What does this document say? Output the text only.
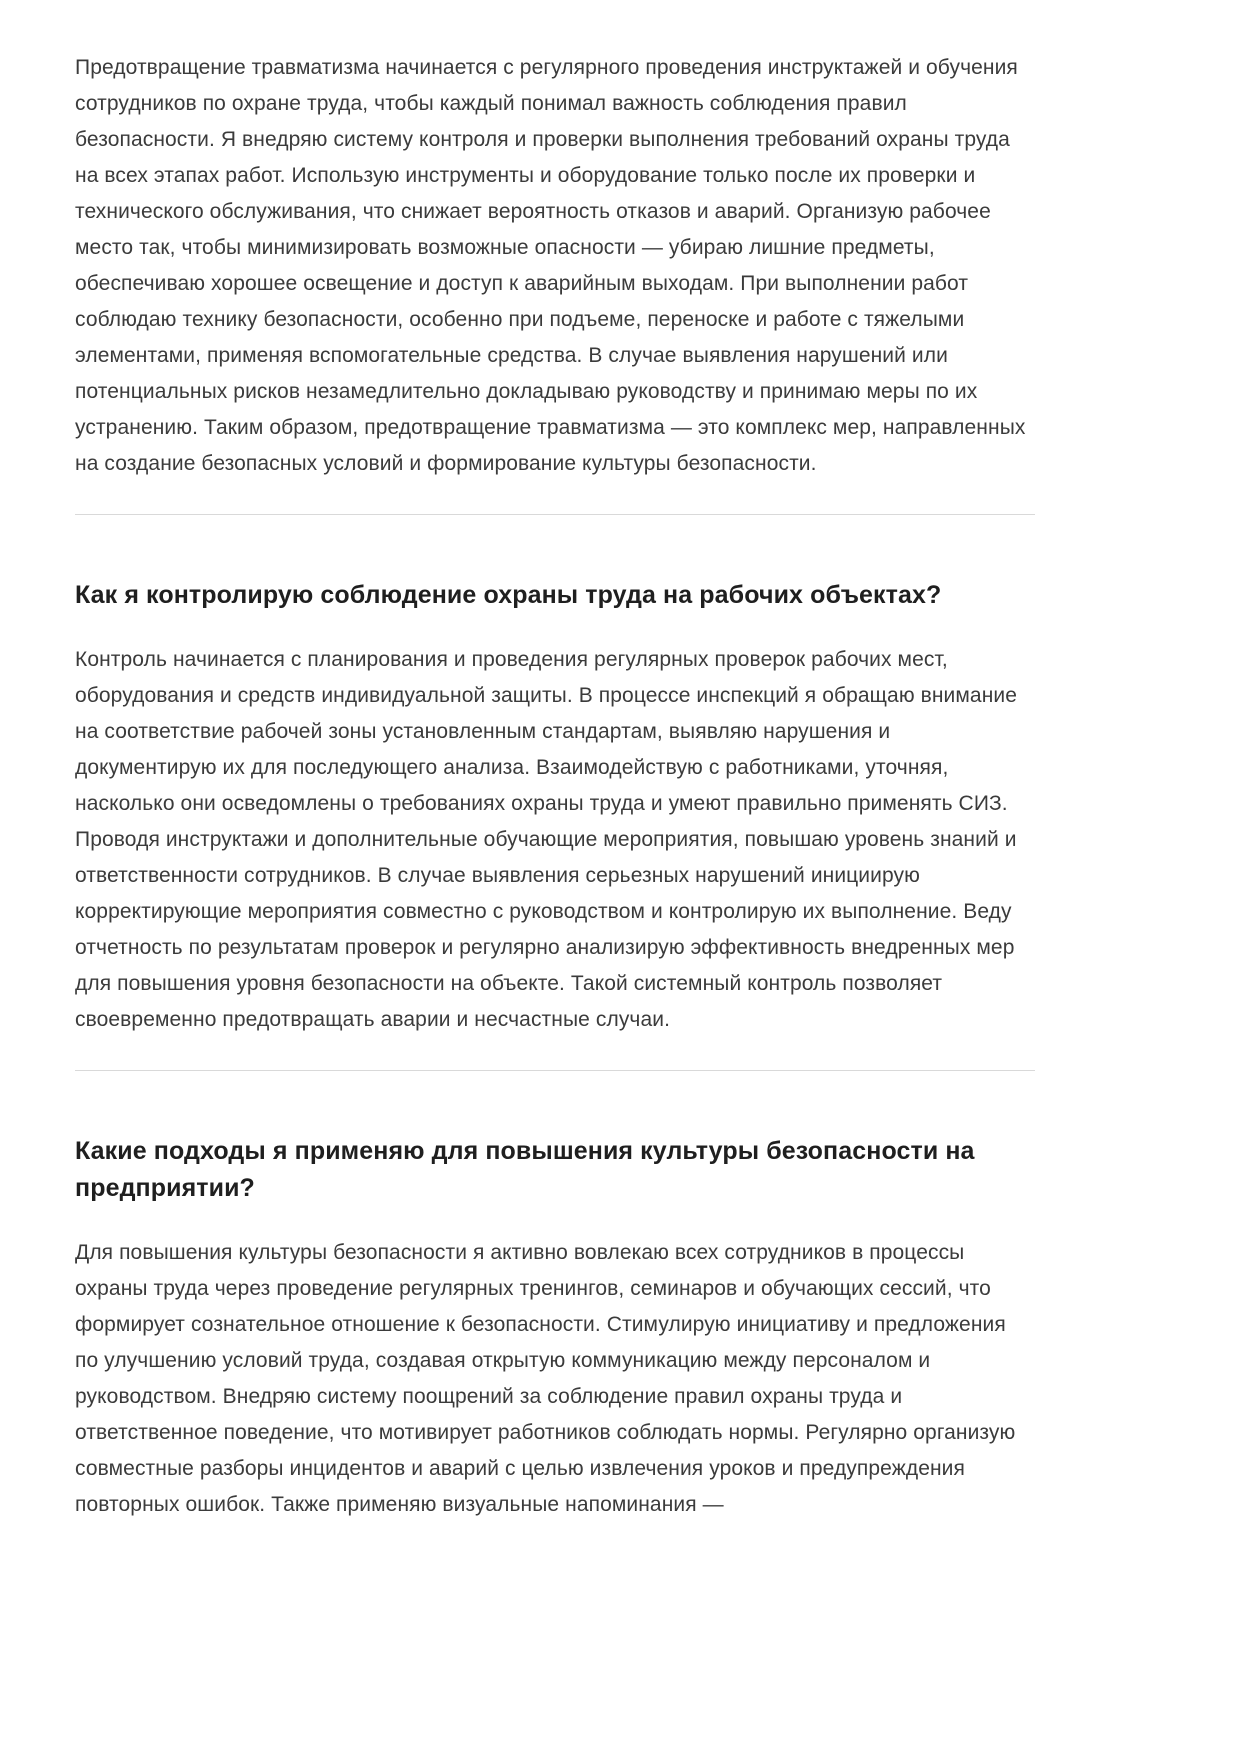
Предотвращение травматизма начинается с регулярного проведения инструктажей и обучения сотрудников по охране труда, чтобы каждый понимал важность соблюдения правил безопасности. Я внедряю систему контроля и проверки выполнения требований охраны труда на всех этапах работ. Использую инструменты и оборудование только после их проверки и технического обслуживания, что снижает вероятность отказов и аварий. Организую рабочее место так, чтобы минимизировать возможные опасности — убираю лишние предметы, обеспечиваю хорошее освещение и доступ к аварийным выходам. При выполнении работ соблюдаю технику безопасности, особенно при подъеме, переноске и работе с тяжелыми элементами, применяя вспомогательные средства. В случае выявления нарушений или потенциальных рисков незамедлительно докладываю руководству и принимаю меры по их устранению. Таким образом, предотвращение травматизма — это комплекс мер, направленных на создание безопасных условий и формирование культуры безопасности.

Как я контролирую соблюдение охраны труда на рабочих объектах?

Контроль начинается с планирования и проведения регулярных проверок рабочих мест, оборудования и средств индивидуальной защиты. В процессе инспекций я обращаю внимание на соответствие рабочей зоны установленным стандартам, выявляю нарушения и документирую их для последующего анализа. Взаимодействую с работниками, уточняя, насколько они осведомлены о требованиях охраны труда и умеют правильно применять СИЗ. Проводя инструктажи и дополнительные обучающие мероприятия, повышаю уровень знаний и ответственности сотрудников. В случае выявления серьезных нарушений инициирую корректирующие мероприятия совместно с руководством и контролирую их выполнение. Веду отчетность по результатам проверок и регулярно анализирую эффективность внедренных мер для повышения уровня безопасности на объекте. Такой системный контроль позволяет своевременно предотвращать аварии и несчастные случаи.

Какие подходы я применяю для повышения культуры безопасности на предприятии?

Для повышения культуры безопасности я активно вовлекаю всех сотрудников в процессы охраны труда через проведение регулярных тренингов, семинаров и обучающих сессий, что формирует сознательное отношение к безопасности. Стимулирую инициативу и предложения по улучшению условий труда, создавая открытую коммуникацию между персоналом и руководством. Внедряю систему поощрений за соблюдение правил охраны труда и ответственное поведение, что мотивирует работников соблюдать нормы. Регулярно организую совместные разборы инцидентов и аварий с целью извлечения уроков и предупреждения повторных ошибок. Также применяю визуальные напоминания —
